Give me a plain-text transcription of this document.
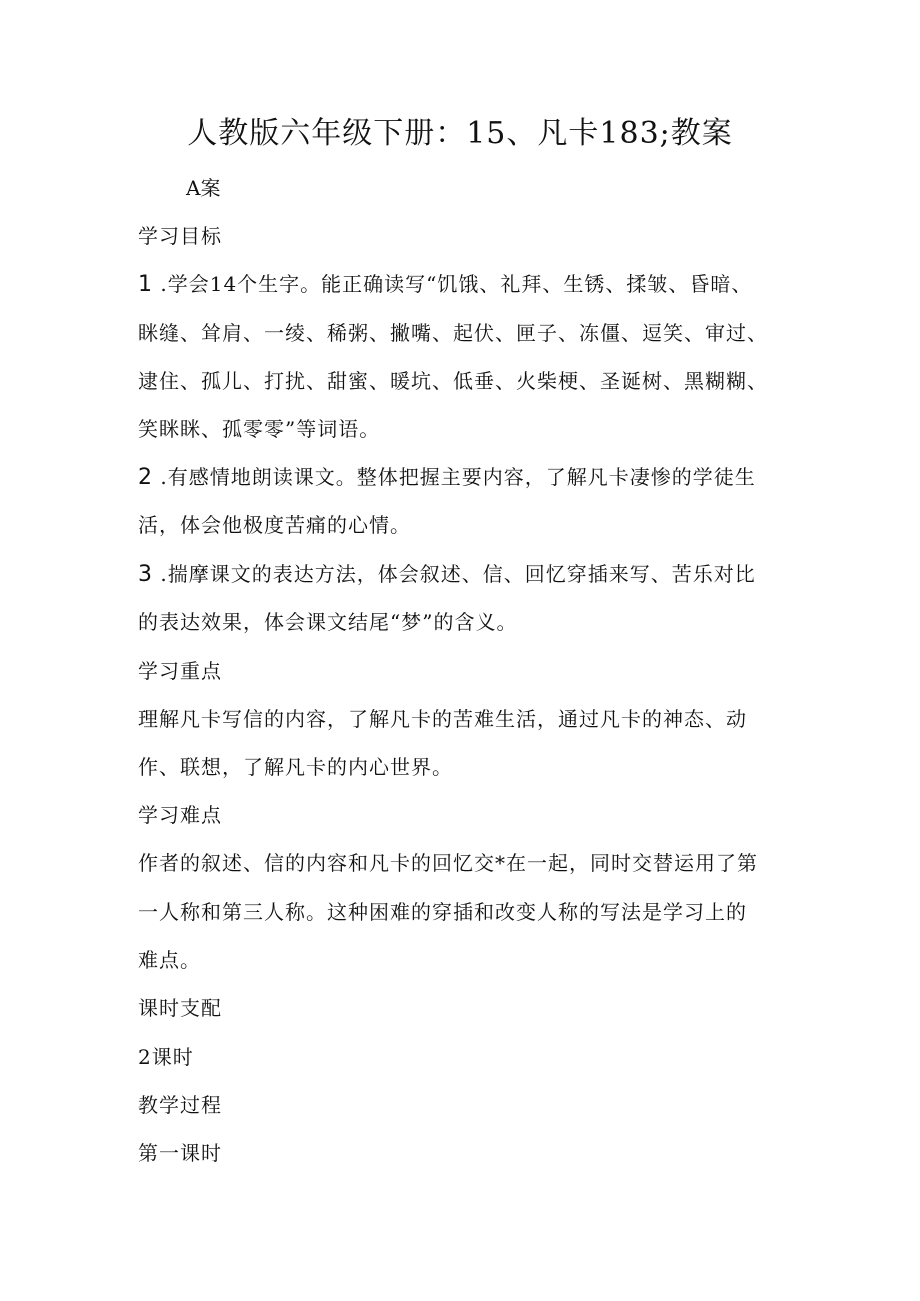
人教版六年级下册：15、凡卡183;教案
A案
学习目标
1 .学会14个生字。能正确读写“饥饿、礼拜、生锈、揉皱、昏暗、
眯缝、耸肩、一绫、稀粥、撇嘴、起伏、匣子、冻僵、逗笑、审过、
逮住、孤儿、打扰、甜蜜、暖坑、低垂、火柴梗、圣诞树、黑糊糊、
笑眯眯、孤零零”等词语。
2 .有感情地朗读课文。整体把握主要内容，了解凡卡凄惨的学徒生
活，体会他极度苦痛的心情。
3 .揣摩课文的表达方法，体会叙述、信、回忆穿插来写、苦乐对比
的表达效果，体会课文结尾“梦”的含义。
学习重点
理解凡卡写信的内容，了解凡卡的苦难生活，通过凡卡的神态、动
作、联想，了解凡卡的内心世界。
学习难点
作者的叙述、信的内容和凡卡的回忆交*在一起，同时交替运用了第
一人称和第三人称。这种困难的穿插和改变人称的写法是学习上的
难点。
课时支配
2课时
教学过程
第一课时
